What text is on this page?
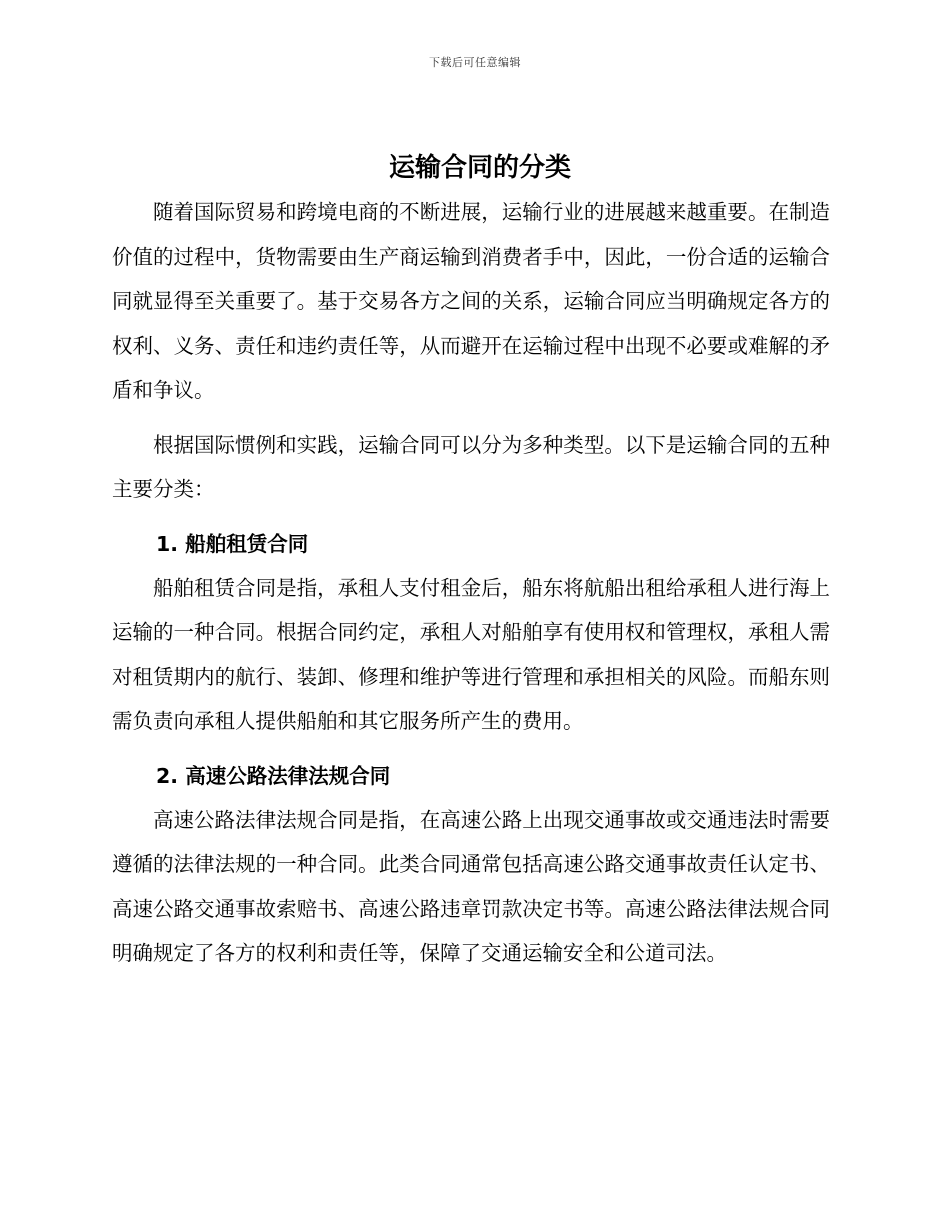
下载后可任意编辑
运输合同的分类

随着国际贸易和跨境电商的不断进展，运输行业的进展越来越重要。在制造价值的过程中，货物需要由生产商运输到消费者手中，因此，一份合适的运输合同就显得至关重要了。基于交易各方之间的关系，运输合同应当明确规定各方的权利、义务、责任和违约责任等，从而避开在运输过程中出现不必要或难解的矛盾和争议。

根据国际惯例和实践，运输合同可以分为多种类型。以下是运输合同的五种主要分类：

1. 船舶租赁合同

船舶租赁合同是指，承租人支付租金后，船东将航船出租给承租人进行海上运输的一种合同。根据合同约定，承租人对船舶享有使用权和管理权，承租人需对租赁期内的航行、装卸、修理和维护等进行管理和承担相关的风险。而船东则需负责向承租人提供船舶和其它服务所产生的费用。

2. 高速公路法律法规合同

高速公路法律法规合同是指，在高速公路上出现交通事故或交通违法时需要遵循的法律法规的一种合同。此类合同通常包括高速公路交通事故责任认定书、高速公路交通事故索赔书、高速公路违章罚款决定书等。高速公路法律法规合同明确规定了各方的权利和责任等，保障了交通运输安全和公道司法。
